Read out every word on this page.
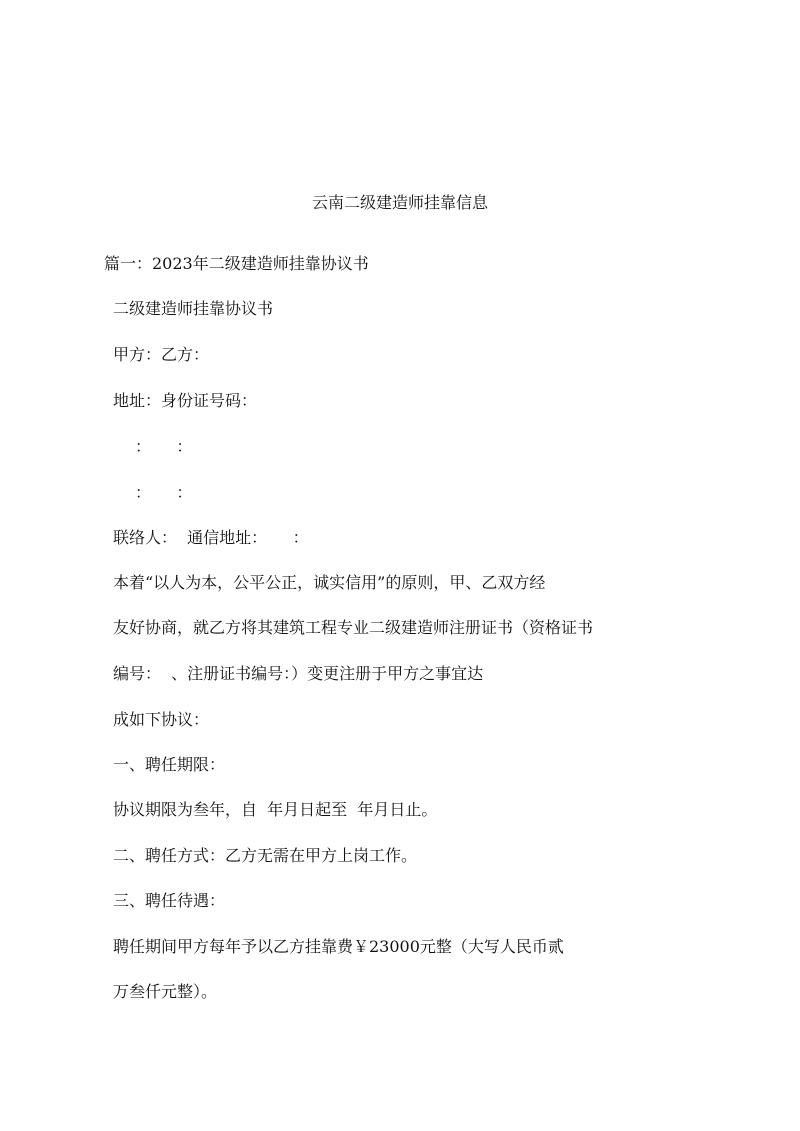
云南二级建造师挂靠信息
篇一：2023年二级建造师挂靠协议书
二级建造师挂靠协议书
甲方：乙方：
地址：身份证号码：
：     ：
：     ：
联络人：  通信地址：     ：
本着“以人为本，公平公正，诚实信用”的原则，甲、乙双方经
友好协商，就乙方将其建筑工程专业二级建造师注册证书（资格证书
编号：  、注册证书编号：）变更注册于甲方之事宜达
成如下协议：
一、聘任期限：
协议期限为叁年，自  年月日起至  年月日止。
二、聘任方式：乙方无需在甲方上岗工作。
三、聘任待遇：
聘任期间甲方每年予以乙方挂靠费￥23000元整（大写人民币贰
万叁仟元整）。
